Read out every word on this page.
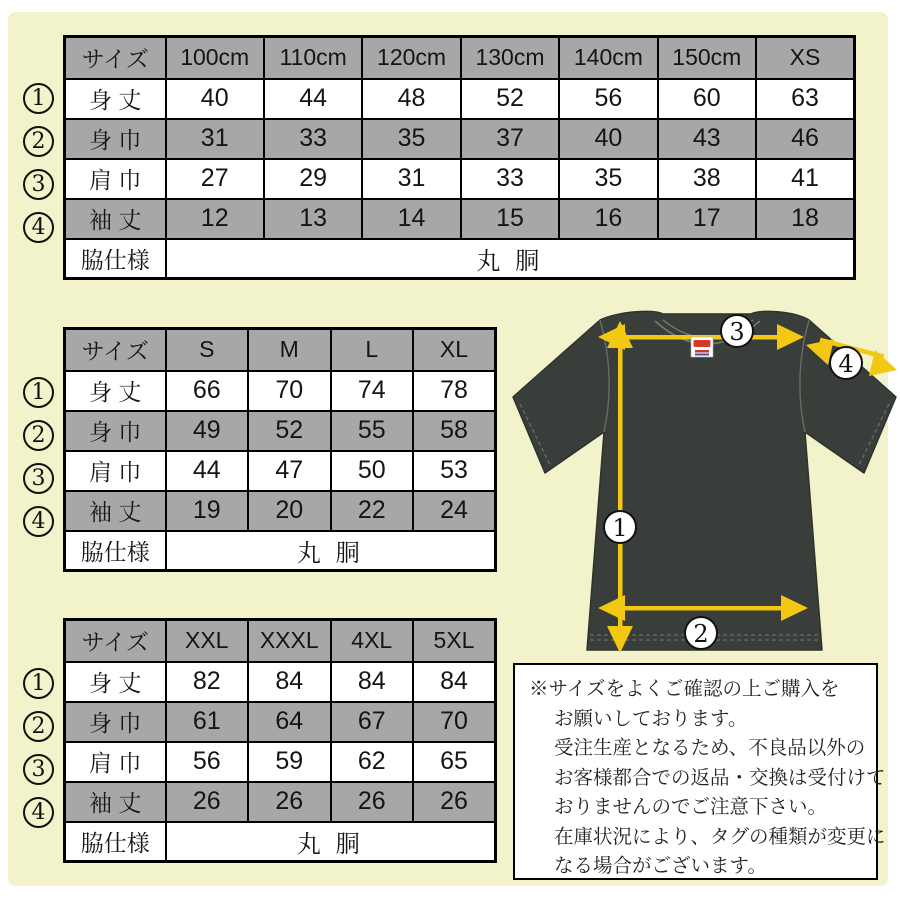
サイズ	100cm	110cm	120cm	130cm	140cm	150cm	XS
身 丈	40	44	48	52	56	60	63
身 巾	31	33	35	37	40	43	46
肩 巾	27	29	31	33	35	38	41
袖 丈	12	13	14	15	16	17	18
脇仕様	丸 胴						
サイズ	S	M	L	XL
身 丈	66	70	74	78
身 巾	49	52	55	58
肩 巾	44	47	50	53
袖 丈	19	20	22	24
脇仕様	丸 胴			
サイズ	XXL	XXXL	4XL	5XL
身 丈	82	84	84	84
身 巾	61	64	67	70
肩 巾	56	59	62	65
袖 丈	26	26	26	26
脇仕様	丸 胴			
1
2
3
4
1
2
3
4
1
2
3
4
1
2
3
4
※サイズをよくご確認の上ご購入を
お願いしております。
受注生産となるため、不良品以外の
お客様都合での返品・交換は受付けて
おりませんのでご注意下さい。
在庫状況により、タグの種類が変更に
なる場合がございます。
